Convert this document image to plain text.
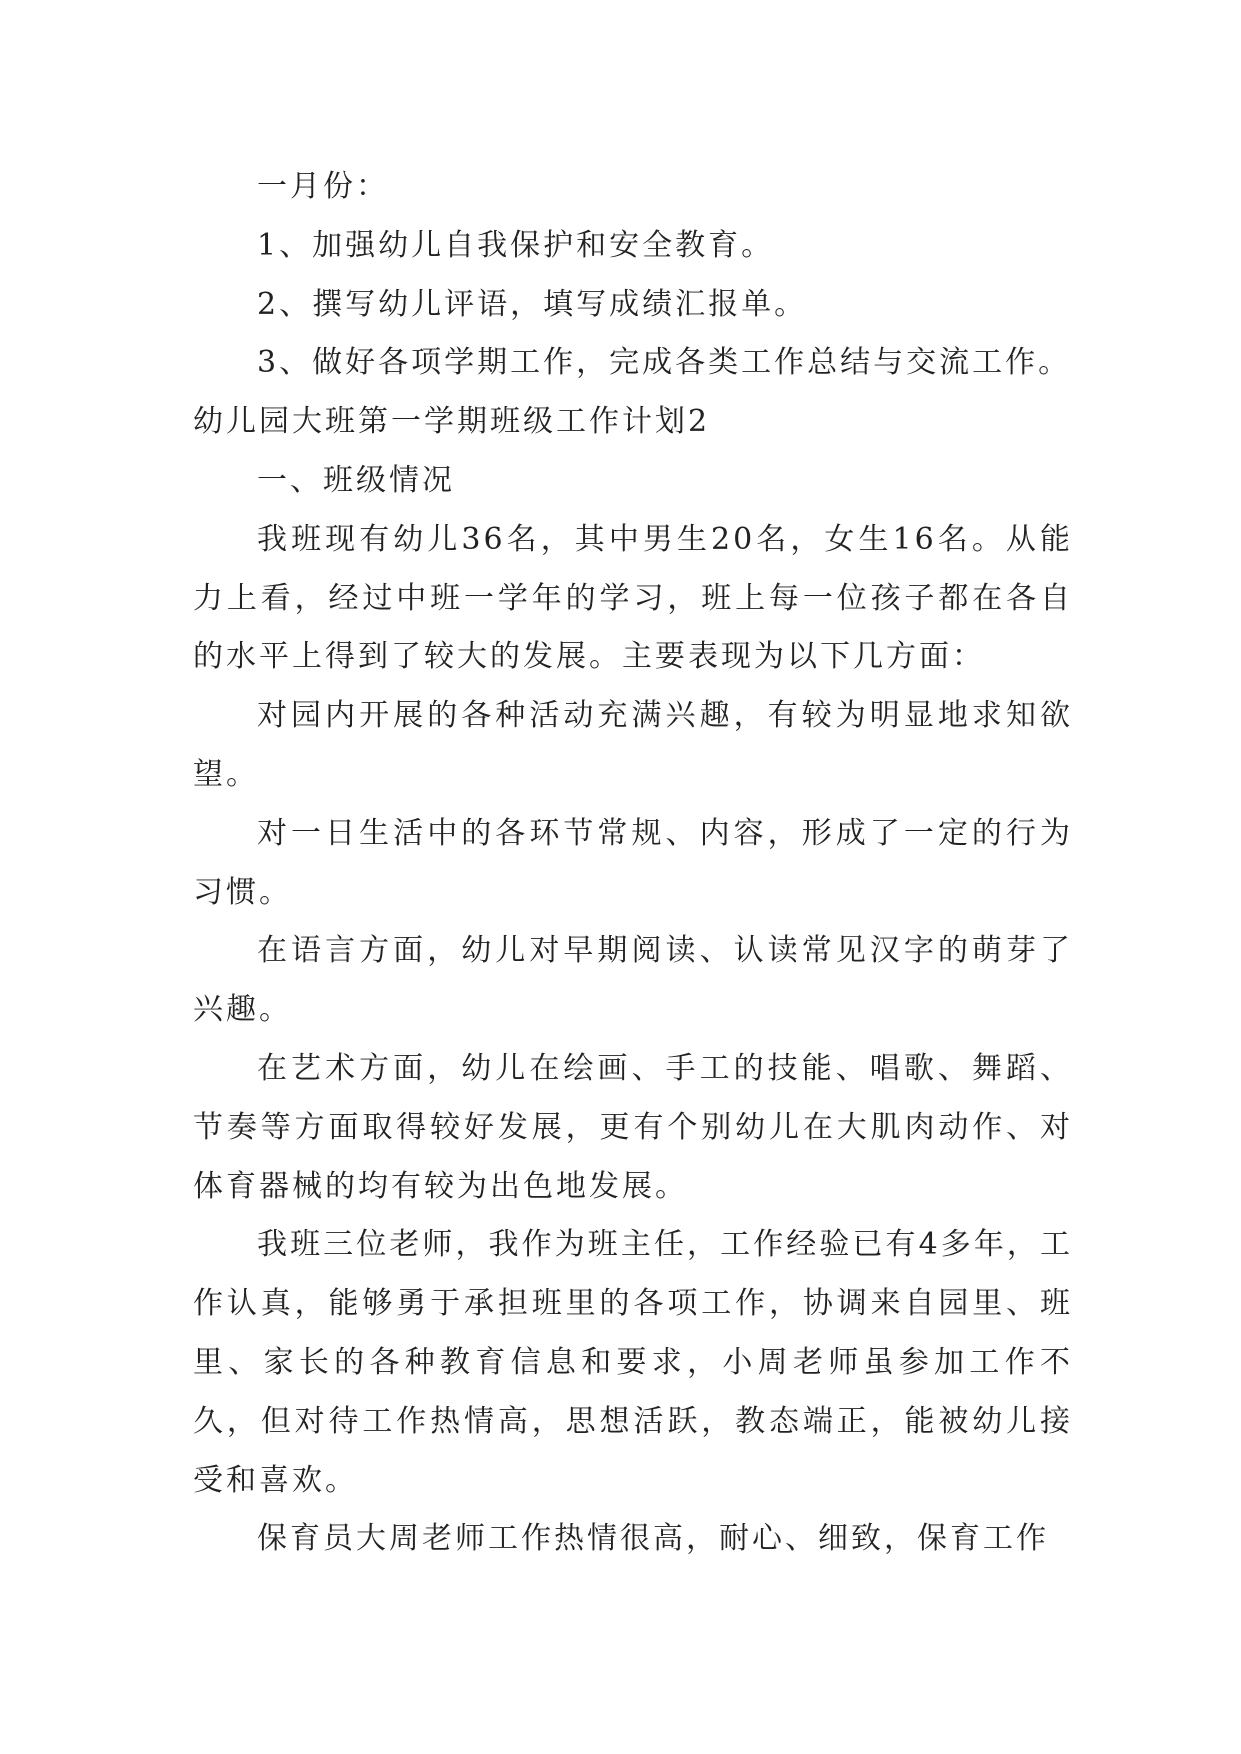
一月份：

1、加强幼儿自我保护和安全教育。

2、撰写幼儿评语，填写成绩汇报单。

3、做好各项学期工作，完成各类工作总结与交流工作。

幼儿园大班第一学期班级工作计划2

一、班级情况

我班现有幼儿36名，其中男生20名，女生16名。从能力上看，经过中班一学年的学习，班上每一位孩子都在各自的水平上得到了较大的发展。主要表现为以下几方面：

对园内开展的各种活动充满兴趣，有较为明显地求知欲望。

对一日生活中的各环节常规、内容，形成了一定的行为习惯。

在语言方面，幼儿对早期阅读、认读常见汉字的萌芽了兴趣。

在艺术方面，幼儿在绘画、手工的技能、唱歌、舞蹈、节奏等方面取得较好发展，更有个别幼儿在大肌肉动作、对体育器械的均有较为出色地发展。

我班三位老师，我作为班主任，工作经验已有4多年，工作认真，能够勇于承担班里的各项工作，协调来自园里、班里、家长的各种教育信息和要求，小周老师虽参加工作不久，但对待工作热情高，思想活跃，教态端正，能被幼儿接受和喜欢。

保育员大周老师工作热情很高，耐心、细致，保育工作
